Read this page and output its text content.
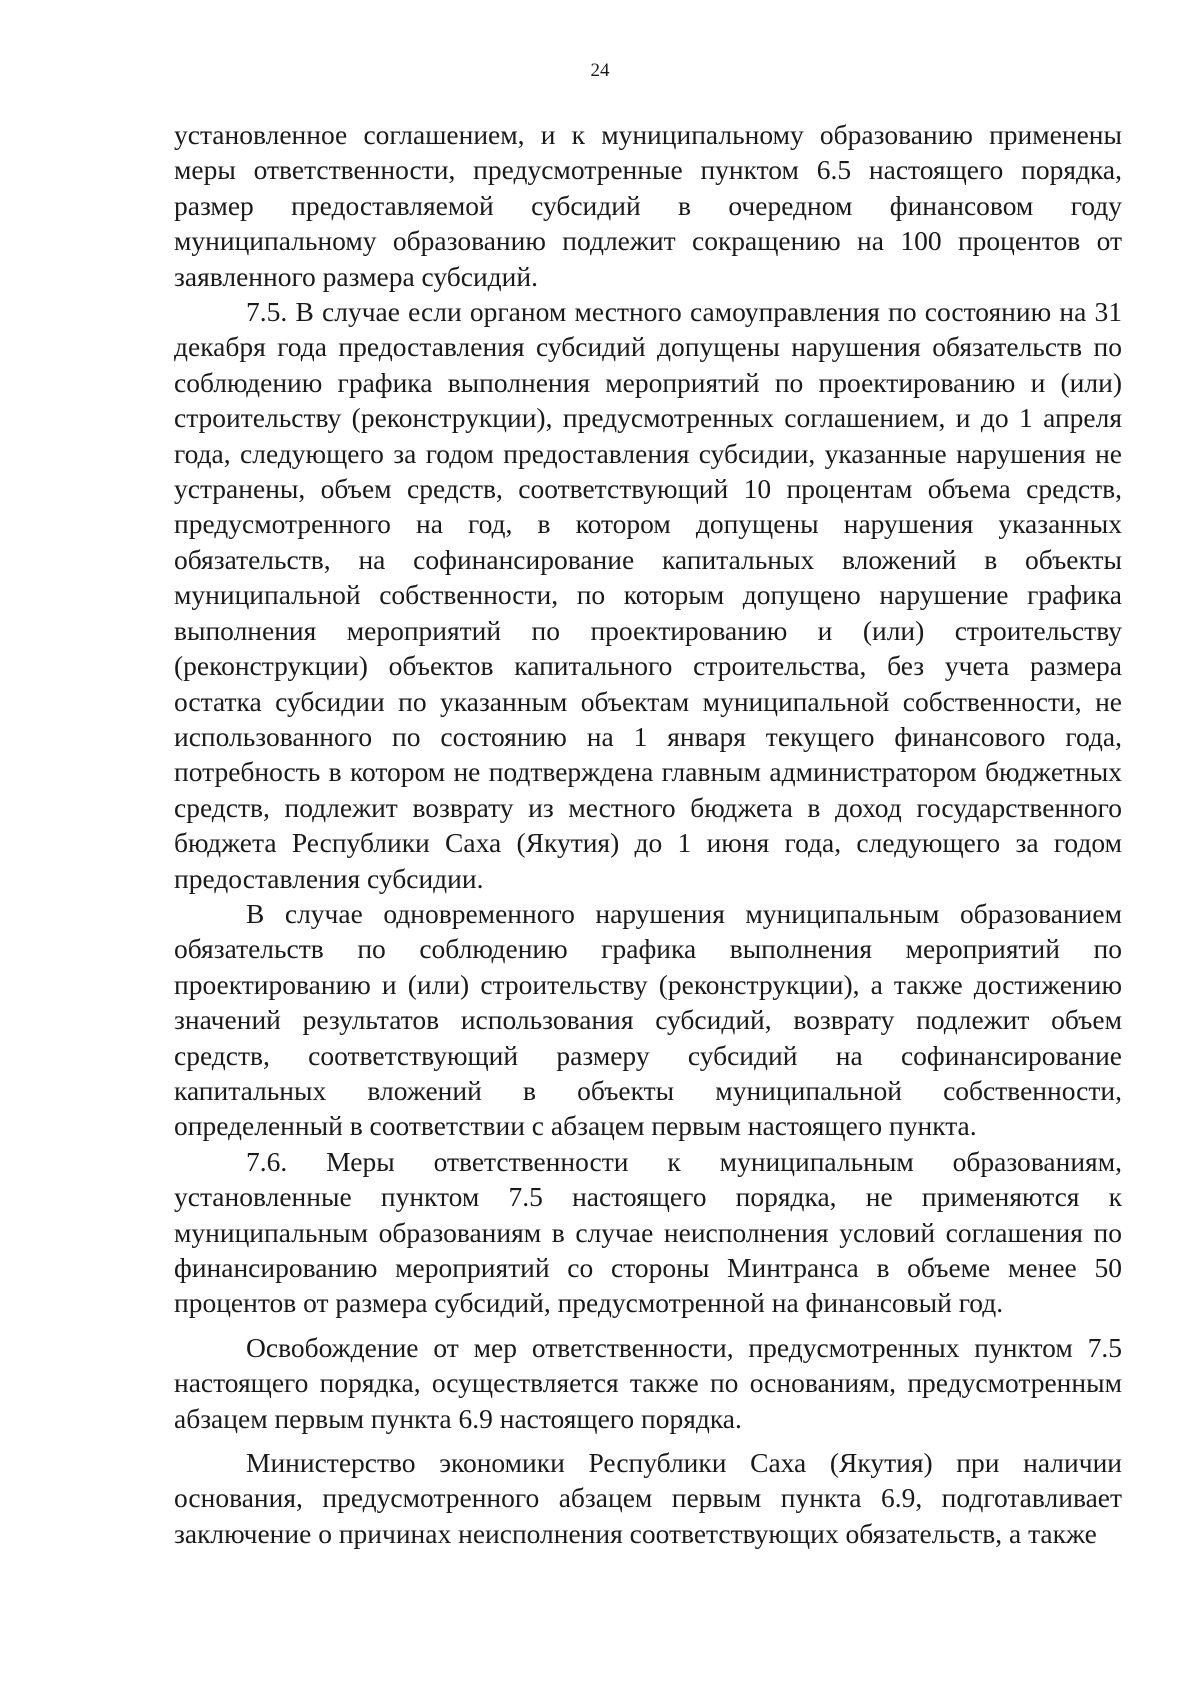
24

установленное соглашением, и к муниципальному образованию применены меры ответственности, предусмотренные пунктом 6.5 настоящего порядка, размер предоставляемой субсидий в очередном финансовом году муниципальному образованию подлежит сокращению на 100 процентов от заявленного размера субсидий.

7.5. В случае если органом местного самоуправления по состоянию на 31 декабря года предоставления субсидий допущены нарушения обязательств по соблюдению графика выполнения мероприятий по проектированию и (или) строительству (реконструкции), предусмотренных соглашением, и до 1 апреля года, следующего за годом предоставления субсидии, указанные нарушения не устранены, объем средств, соответствующий 10 процентам объема средств, предусмотренного на год, в котором допущены нарушения указанных обязательств, на софинансирование капитальных вложений в объекты муниципальной собственности, по которым допущено нарушение графика выполнения мероприятий по проектированию и (или) строительству (реконструкции) объектов капитального строительства, без учета размера остатка субсидии по указанным объектам муниципальной собственности, не использованного по состоянию на 1 января текущего финансового года, потребность в котором не подтверждена главным администратором бюджетных средств, подлежит возврату из местного бюджета в доход государственного бюджета Республики Саха (Якутия) до 1 июня года, следующего за годом предоставления субсидии.

В случае одновременного нарушения муниципальным образованием обязательств по соблюдению графика выполнения мероприятий по проектированию и (или) строительству (реконструкции), а также достижению значений результатов использования субсидий, возврату подлежит объем средств, соответствующий размеру субсидий на софинансирование капитальных вложений в объекты муниципальной собственности, определенный в соответствии с абзацем первым настоящего пункта.

7.6. Меры ответственности к муниципальным образованиям, установленные пунктом 7.5 настоящего порядка, не применяются к муниципальным образованиям в случае неисполнения условий соглашения по финансированию мероприятий со стороны Минтранса в объеме менее 50 процентов от размера субсидий, предусмотренной на финансовый год.

Освобождение от мер ответственности, предусмотренных пунктом 7.5 настоящего порядка, осуществляется также по основаниям, предусмотренным абзацем первым пункта 6.9 настоящего порядка.

Министерство экономики Республики Саха (Якутия) при наличии основания, предусмотренного абзацем первым пункта 6.9, подготавливает заключение о причинах неисполнения соответствующих обязательств, а также
